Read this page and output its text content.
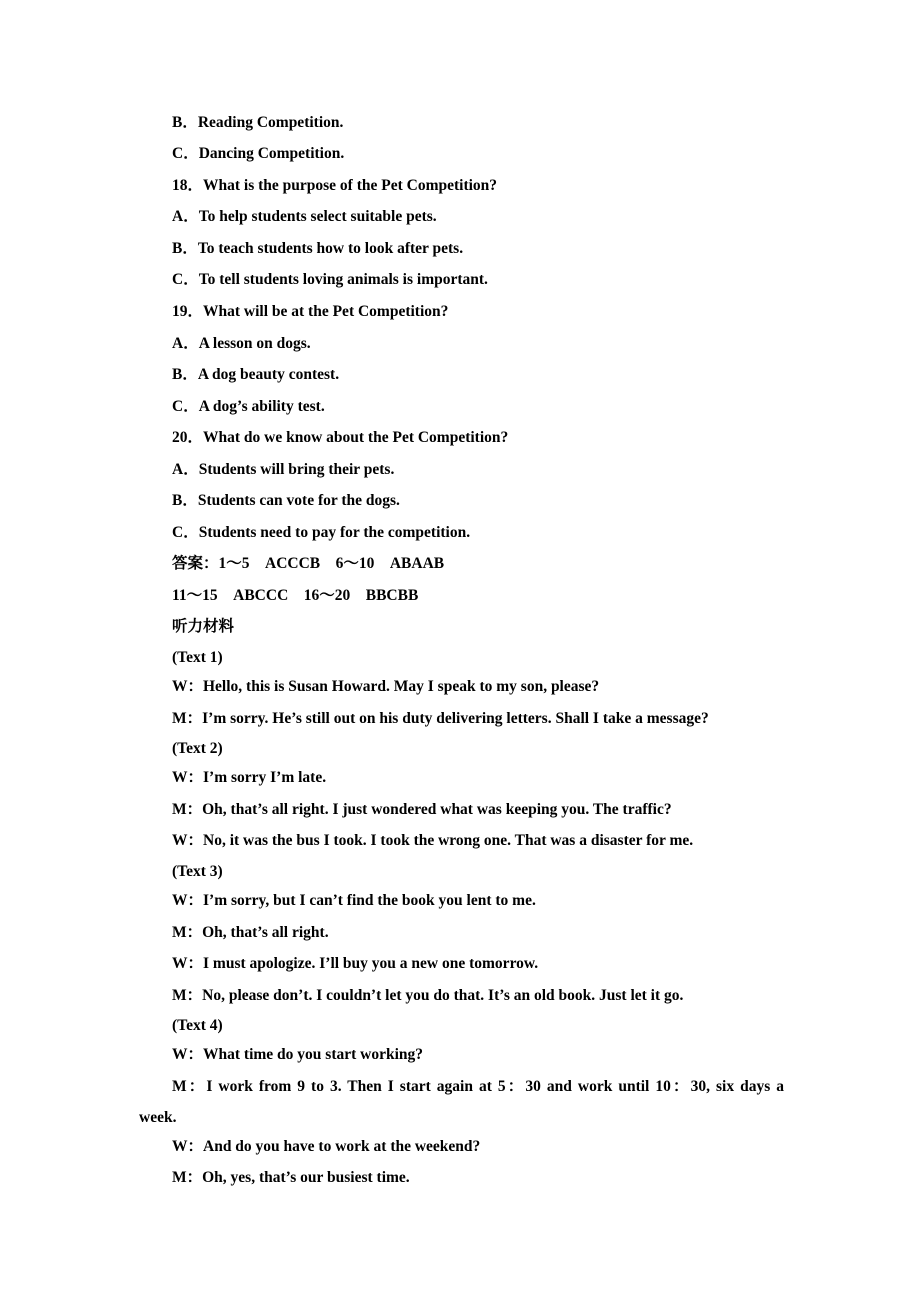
B．Reading Competition.
C．Dancing Competition.
18．What is the purpose of the Pet Competition?
A．To help students select suitable pets.
B．To teach students how to look after pets.
C．To tell students loving animals is important.
19．What will be at the Pet Competition?
A．A lesson on dogs.
B．A dog beauty contest.
C．A dog’s ability test.
20．What do we know about the Pet Competition?
A．Students will bring their pets.
B．Students can vote for the dogs.
C．Students need to pay for the competition.
答案：1～5　ACCCB　6～10　ABAAB
11～15　ABCCC　16～20　BBCBB
听力材料
(Text 1)
W：Hello, this is Susan Howard. May I speak to my son, please?
M：I’m sorry. He’s still out on his duty delivering letters. Shall I take a message?
(Text 2)
W：I’m sorry I’m late.
M：Oh, that’s all right. I just wondered what was keeping you. The traffic?
W：No, it was the bus I took. I took the wrong one. That was a disaster for me.
(Text 3)
W：I’m sorry, but I can’t find the book you lent to me.
M：Oh, that’s all right.
W：I must apologize. I’ll buy you a new one tomorrow.
M：No, please don’t. I couldn’t let you do that. It’s an old book. Just let it go.
(Text 4)
W：What time do you start working?
M：I work from 9 to 3. Then I start again at 5：30 and work until 10：30, six days a
week.
W：And do you have to work at the weekend?
M：Oh, yes, that’s our busiest time.
